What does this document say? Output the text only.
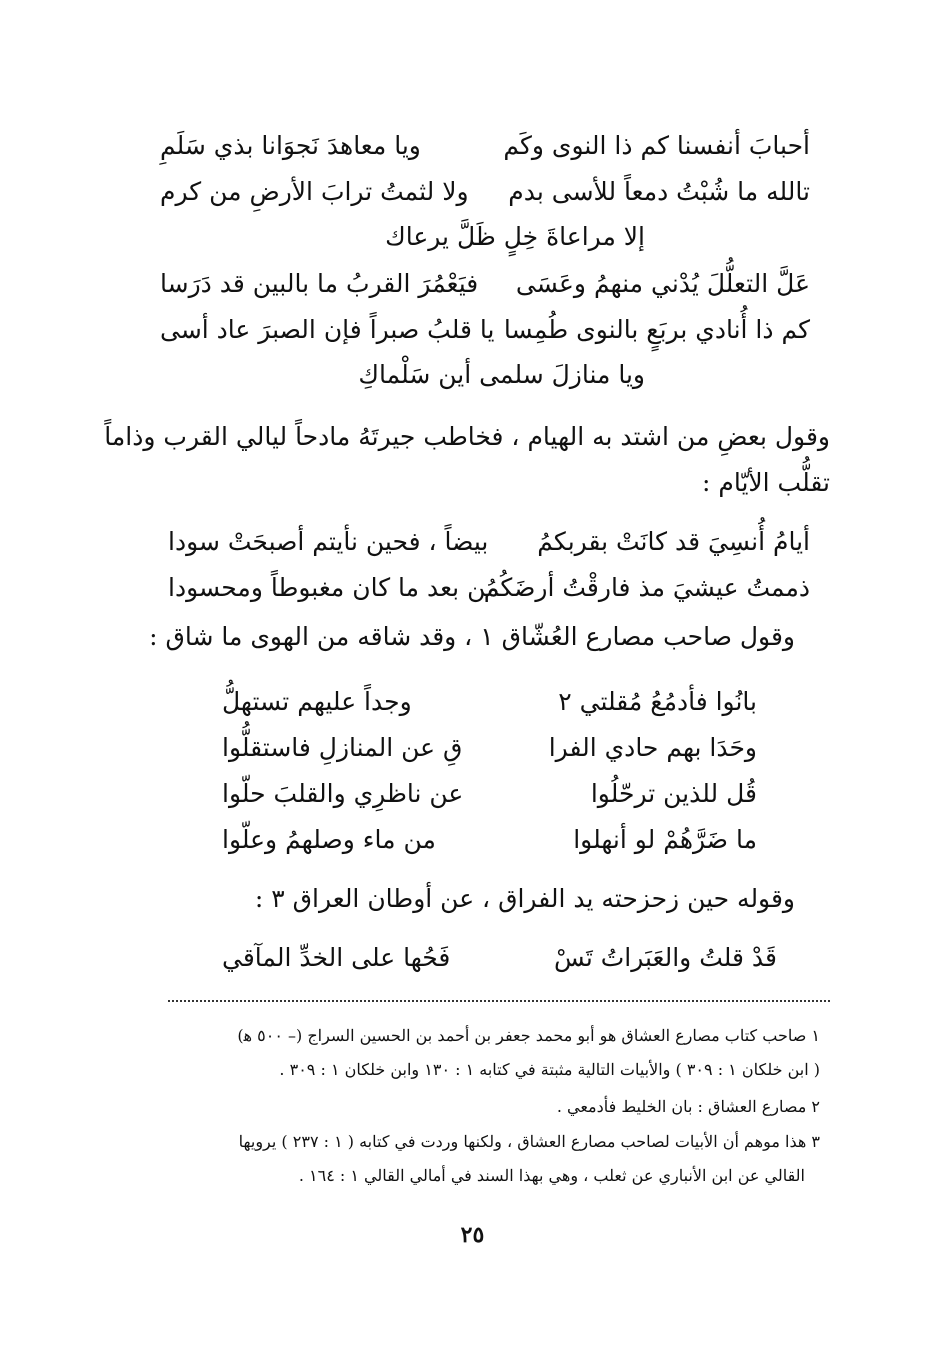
أحبابَ أنفسنا كم ذا النوى وكَم
ويا معاهدَ نَجوَانا بذي سَلَمِ
تالله ما شُبْتُ دمعاً للأسى بدم
ولا لثمتُ ترابَ الأرضِ من كرم
إلا مراعاةَ خِلٍ ظَلَّ يرعاك
عَلَّ التعلُّلَ يُدْني منهمُ وعَسَى
فيَعْمُرَ القربُ ما بالبين قد دَرَسا
كم ذا أُنادي بربَعٍ بالنوى طُمِسا
يا قلبُ صبراً فإن الصبرَ عاد أسى
ويا منازلَ سلمى أين سَلْماكِ
وقول بعضِ من اشتد به الهيام ، فخاطب جيرتَهُ مادحاً ليالي القرب وذاماً
تقلُّب الأيّام :
أيامُ أُنسِيَ قد كانَتْ بقربكمُ
بيضاً ، فحين نأيتم أصبحَتْ سودا
ذممتُ عيشيَ مذ فارقْتُ أرضَكُمُ
من بعد ما كان مغبوطاً ومحسودا
وقول صاحب مصارع العُشّاق ١ ، وقد شاقه من الهوى ما شاق :
بانُوا فأدمُعُ مُقلتي ٢
وجداً عليهم تستهلُّ
وحَدَا بهم حادي الفرا
قِ عن المنازلِ فاستقلُّوا
قُل للذين ترحّلُوا
عن ناظرِي والقلبَ حلّوا
ما ضَرَّهُمْ لو أنهلوا
من ماء وصلهمُ وعلّوا
وقوله حين زحزحته يد الفراق ، عن أوطان العراق ٣ :
قَدْ قلتُ والعَبَراتُ تَسْ
فَحُها على الخدِّ المآقي
١ صاحب كتاب مصارع العشاق هو أبو محمد جعفر بن أحمد بن الحسين السراج (– ٥٠٠ ﻫ)
( ابن خلكان ١ : ٣٠٩ ) والأبيات التالية مثبتة في كتابه ١ : ١٣٠ وابن خلكان ١ : ٣٠٩ .
٢ مصارع العشاق : بان الخليط فأدمعي .
٣ هذا موهم أن الأبيات لصاحب مصارع العشاق ، ولكنها وردت في كتابه ( ١ : ٢٣٧ ) يرويها
القالي عن ابن الأنباري عن ثعلب ، وهي بهذا السند في أمالي القالي ١ : ١٦٤ .
٢٥
